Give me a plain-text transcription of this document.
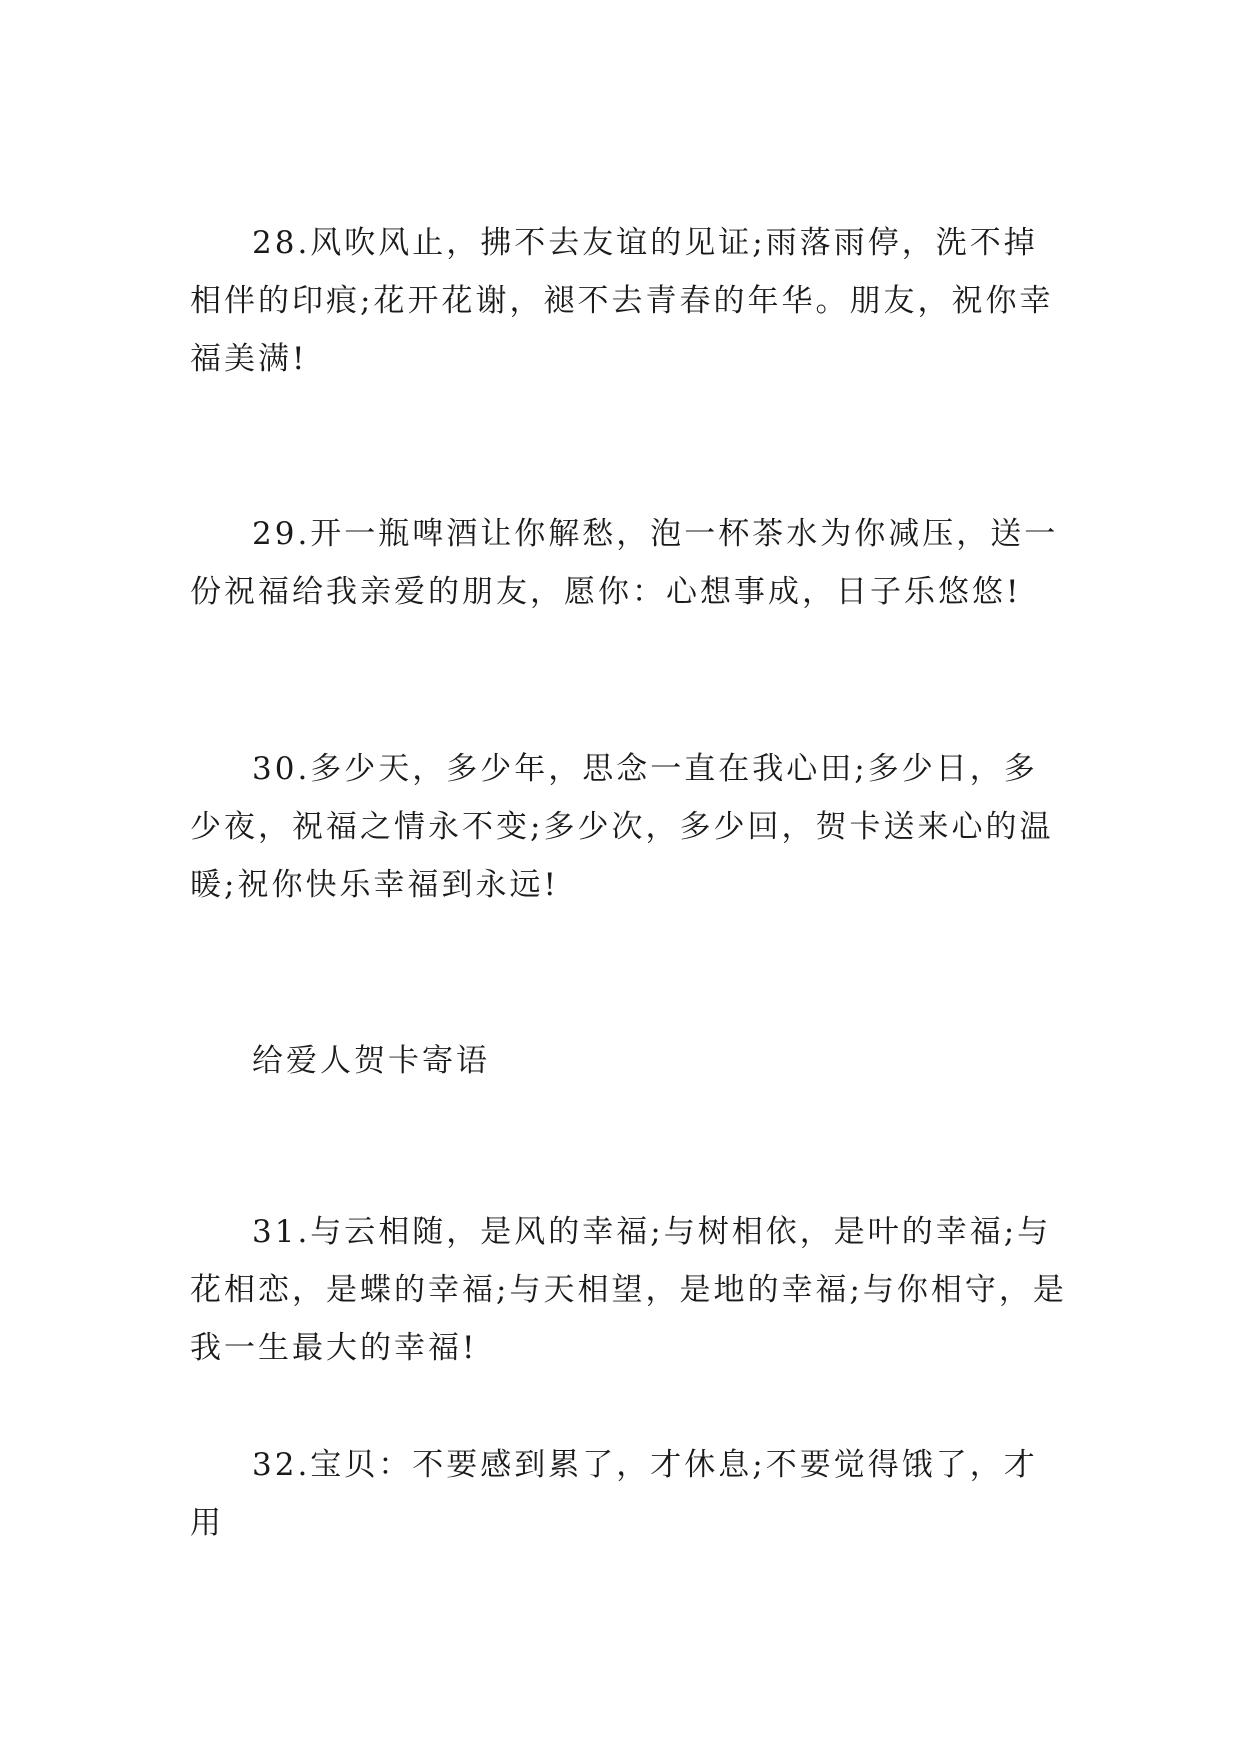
28.风吹风止，拂不去友谊的见证;雨落雨停，洗不掉相伴的印痕;花开花谢，褪不去青春的年华。朋友，祝你幸福美满!

29.开一瓶啤酒让你解愁，泡一杯茶水为你减压，送一份祝福给我亲爱的朋友，愿你：心想事成，日子乐悠悠!

30.多少天，多少年，思念一直在我心田;多少日，多少夜，祝福之情永不变;多少次，多少回，贺卡送来心的温暖;祝你快乐幸福到永远!

给爱人贺卡寄语

31.与云相随，是风的幸福;与树相依，是叶的幸福;与花相恋，是蝶的幸福;与天相望，是地的幸福;与你相守，是我一生最大的幸福!

32.宝贝：不要感到累了，才休息;不要觉得饿了，才用
